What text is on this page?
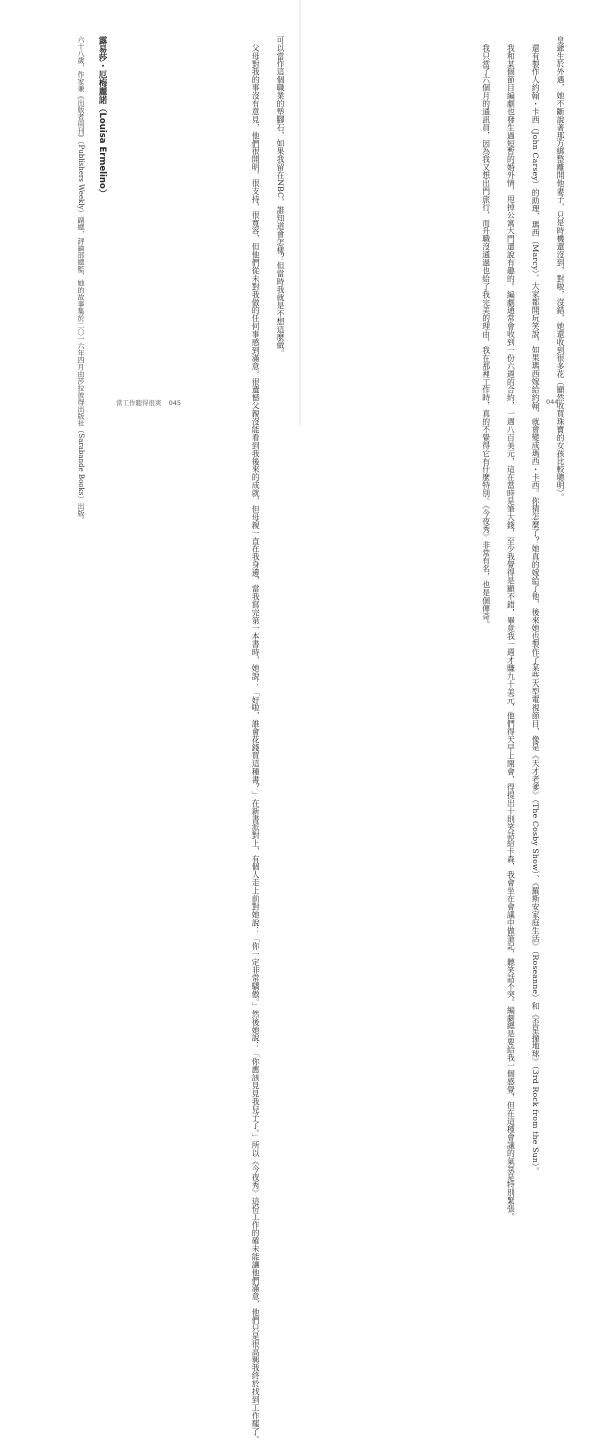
皇爺生於外遇，她不斷說著那方綁整離開他妻子，只是時機還沒到，對啦，沒錯，她還收到很多花（顯然收買珠寶的女孩比較聰明）。

還有製作人約翰・卡西（John Carsey）的助理，瑪西（Marcy）。大家都開玩笑說，如果瑪西嫁給約翰，就會變成瑪西・卡西。你猜怎麼了？她真的嫁給了他，後來她也製作了某些大型電視節目，像是《天才老爹》（The Cosby Show）、《羅斯安家庭生活》（Roseanne）和《歪星撞地球》（3rd Rock from the Sun）。

我和某個節目編劇也發生過短暫的婚外情，甩掉公寓大門還說有趣的。編劇通常會收到一份六週的合約，一週八百美元，這在當時是筆大錢，至少我覺得是顯不錯，畢竟我一週才賺九十美元，他們得天早上開會，得提出十則笑話給卡森，我會坐在會議中做筆記，聽笑話不突。編劇總是要給我一個感覺，但在這種會議的氣氛是特別緊張。

我只當了六個月的通訊員，因為我又想出門旅行，而升職沒通過也給了我完美的理由，我在那裡工作時，真的不覺得它有什麼特別。《今夜秀》非常有名，也是個傳奇。

可以當作這個職業的墊腳石，如果我留在NBC，誰知道會怎樣？但當時我就是不想這麼做。

父母對我的事沒有意見，他們很開明，很支持，很寬容，但他們從未對我做的任何事感到滿意。很遺憾父親沒能看到我後來的成就，但母親一直在我身邊，當我寫完第一本書時，她說：「好啦，誰會花錢買這種書？」在新書派對上，有個人走上前對她說：「你一定非常驕傲。」然後她說：「你應該見見我兒子了。」所以《今夜秀》這份工作的確未能讓他們滿意，他們只是很高興我終於找到工作罷了。

露易莎・厄梅麗諾（Louisa Ermelino）

六十八歲，作家兼《出版者周刊》（Publishers Weekly）副總，評論部總監，她的故事集於二〇一六年四月由莎拉彼得出版社（Sarabande Books）出版。	當工作聽得很爽 045	044
